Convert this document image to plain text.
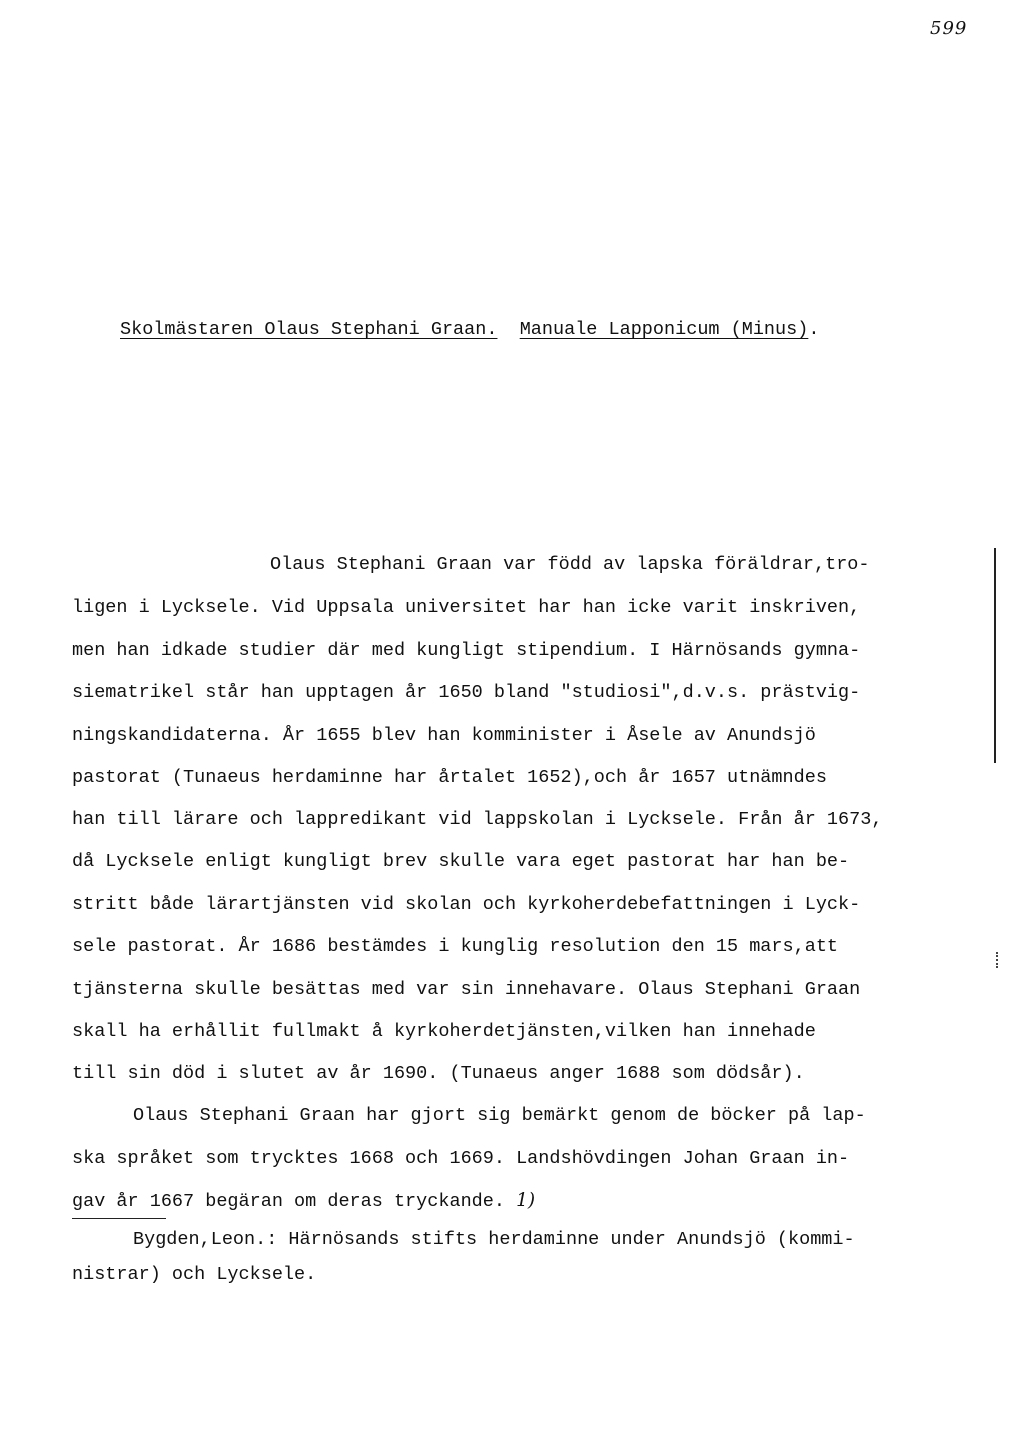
599
Skolmästaren Olaus Stephani Graan. Manuale Lapponicum (Minus).
Olaus Stephani Graan var född av lapska föräldrar,tro-
ligen i Lycksele. Vid Uppsala universitet har han icke varit inskriven,
men han idkade studier där med kungligt stipendium. I Härnösands gymna-
siematrikel står han upptagen år 1650 bland "studiosi",d.v.s. prästvig-
ningskandidaterna. År 1655 blev han komminister i Åsele av Anundsjö
pastorat (Tunaeus herdaminne har årtalet 1652),och år 1657 utnämndes
han till lärare och lappredikant vid lappskolan i Lycksele. Från år 1673,
då Lycksele enligt kungligt brev skulle vara eget pastorat har han be-
stritt både lärartjänsten vid skolan och kyrkoherdebefattningen i Lyck-
sele pastorat. År 1686 bestämdes i kunglig resolution den 15 mars,att
tjänsterna skulle besättas med var sin innehavare. Olaus Stephani Graan
skall ha erhållit fullmakt å kyrkoherdetjänsten,vilken han innehade
till sin död i slutet av år 1690. (Tunaeus anger 1688 som dödsår).
Olaus Stephani Graan har gjort sig bemärkt genom de böcker på lap-
ska språket som trycktes 1668 och 1669. Landshövdingen Johan Graan in-
gav år 1667 begäran om deras tryckande. 1)
Bygden,Leon.: Härnösands stifts herdaminne under Anundsjö (kommi-
nistrar) och Lycksele.
